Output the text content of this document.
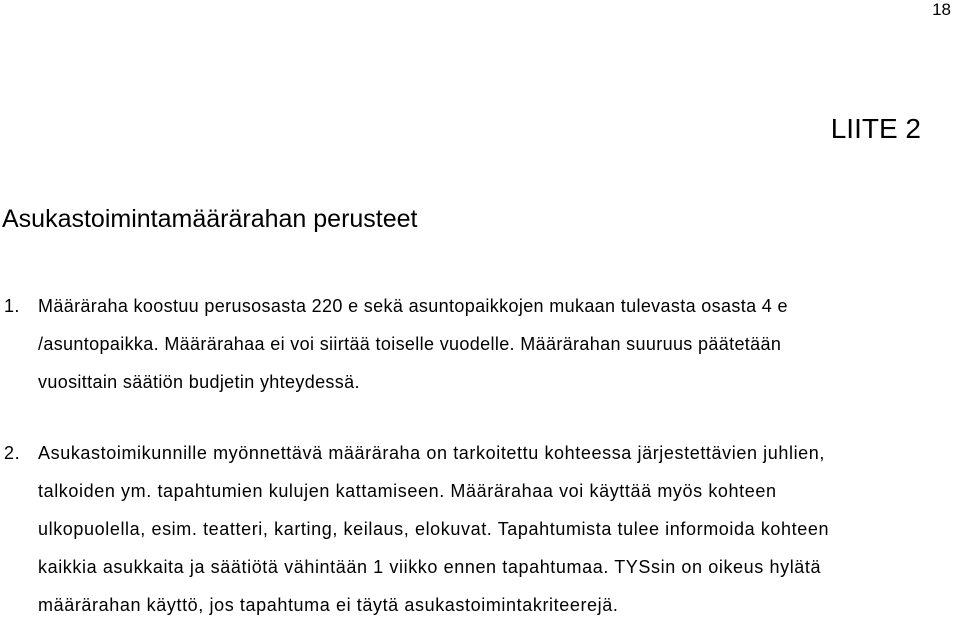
18
LIITE 2
Asukastoimintamäärärahan perusteet
1. Määräraha koostuu perusosasta 220 e sekä asuntopaikkojen mukaan tulevasta osasta 4 e
/asuntopaikka. Määrärahaa ei voi siirtää toiselle vuodelle. Määrärahan suuruus päätetään
vuosittain säätiön budjetin yhteydessä.
2. Asukastoimikunnille myönnettävä määräraha on tarkoitettu kohteessa järjestettävien juhlien,
talkoiden ym. tapahtumien kulujen kattamiseen. Määrärahaa voi käyttää myös kohteen
ulkopuolella, esim. teatteri, karting, keilaus, elokuvat. Tapahtumista tulee informoida kohteen
kaikkia asukkaita ja säätiötä vähintään 1 viikko ennen tapahtumaa. TYSsin on oikeus hylätä
määrärahan käyttö, jos tapahtuma ei täytä asukastoimintakriteerejä.
